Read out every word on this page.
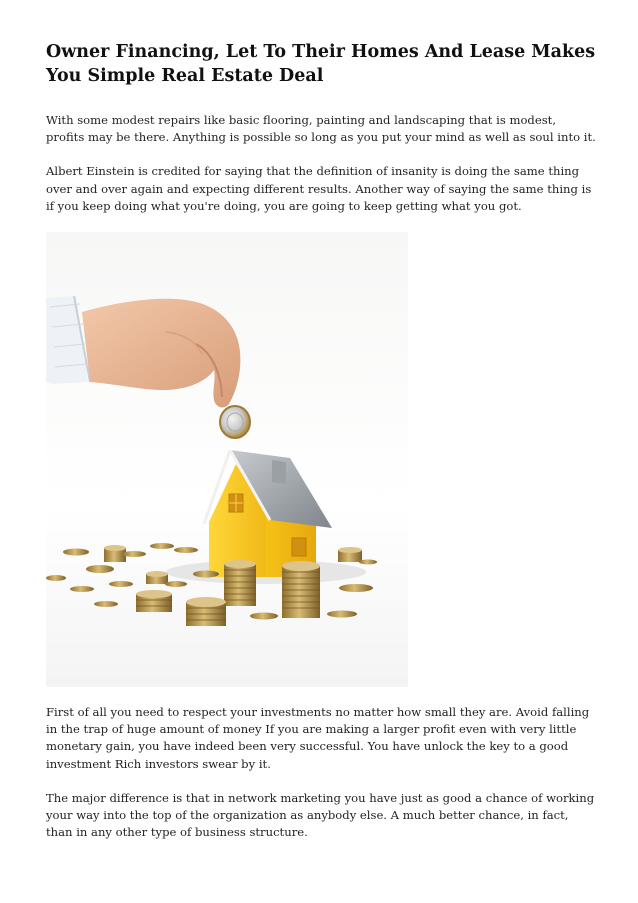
Owner Financing, Let To Their Homes And Lease Makes You Simple Real Estate Deal

With some modest repairs like basic flooring, painting and landscaping that is modest, profits may be there. Anything is possible so long as you put your mind as well as soul into it.

Albert Einstein is credited for saying that the definition of insanity is doing the same thing over and over again and expecting different results. Another way of saying the same thing is if you keep doing what you're doing, you are going to keep getting what you got.

First of all you need to respect your investments no matter how small they are. Avoid falling in the trap of huge amount of money If you are making a larger profit even with very little monetary gain, you have indeed been very successful. You have unlock the key to a good investment Rich investors swear by it.

The major difference is that in network marketing you have just as good a chance of working your way into the top of the organization as anybody else. A much better chance, in fact, than in any other type of business structure.
